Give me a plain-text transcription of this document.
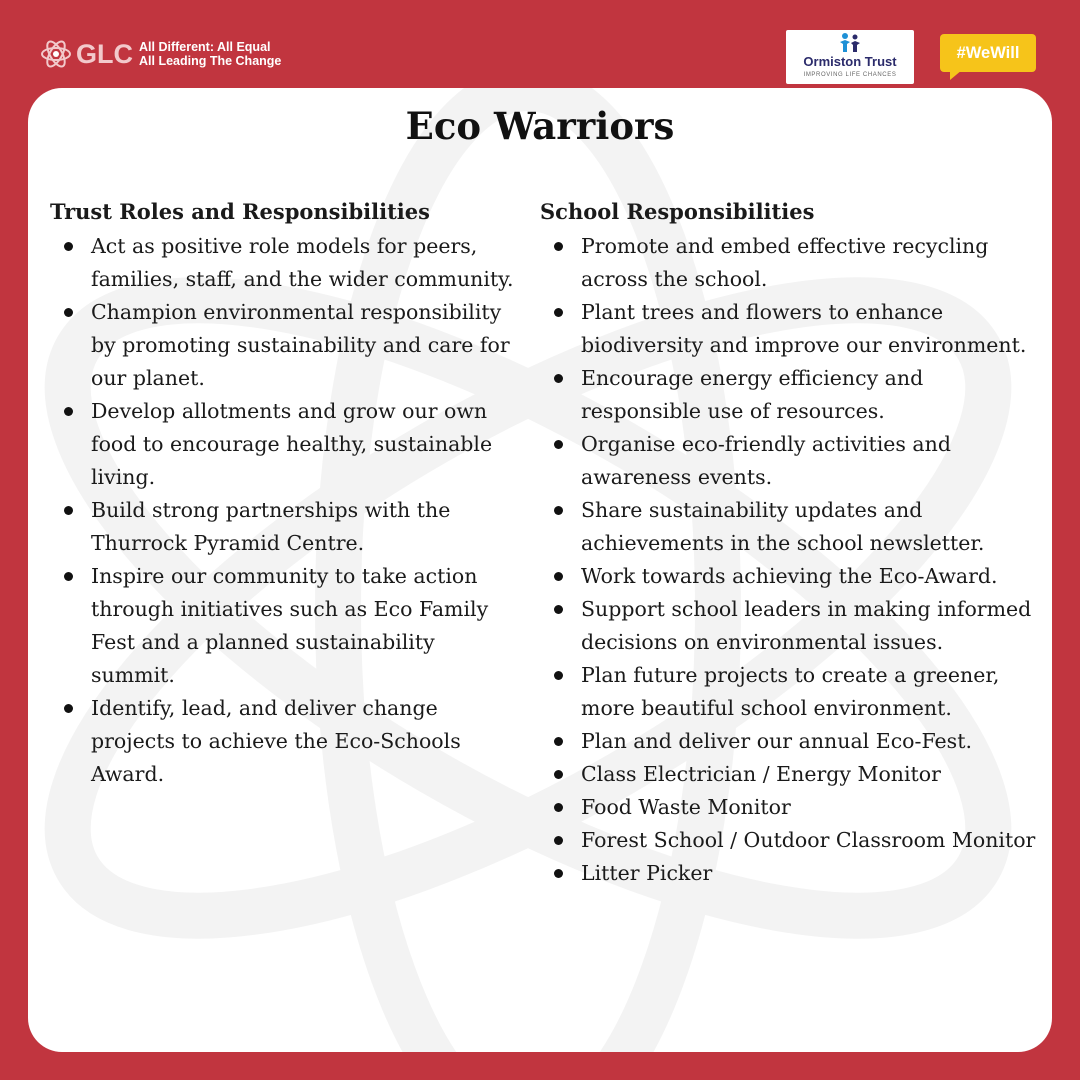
GLC All Different: All Equal
All Leading The Change	Ormiston Trust
IMPROVING LIFE CHANCES
#WeWill
Eco Warriors
Trust Roles and Responsibilities
Act as positive role models for peers, families, staff, and the wider community.
Champion environmental responsibility by promoting sustainability and care for our planet.
Develop allotments and grow our own food to encourage healthy, sustainable living.
Build strong partnerships with the Thurrock Pyramid Centre.
Inspire our community to take action through initiatives such as Eco Family Fest and a planned sustainability summit.
Identify, lead, and deliver change projects to achieve the Eco-Schools Award.
School Responsibilities
Promote and embed effective recycling across the school.
Plant trees and flowers to enhance biodiversity and improve our environment.
Encourage energy efficiency and responsible use of resources.
Organise eco-friendly activities and awareness events.
Share sustainability updates and achievements in the school newsletter.
Work towards achieving the Eco-Award.
Support school leaders in making informed decisions on environmental issues.
Plan future projects to create a greener, more beautiful school environment.
Plan and deliver our annual Eco-Fest.
Class Electrician / Energy Monitor
Food Waste Monitor
Forest School / Outdoor Classroom Monitor
Litter Picker
